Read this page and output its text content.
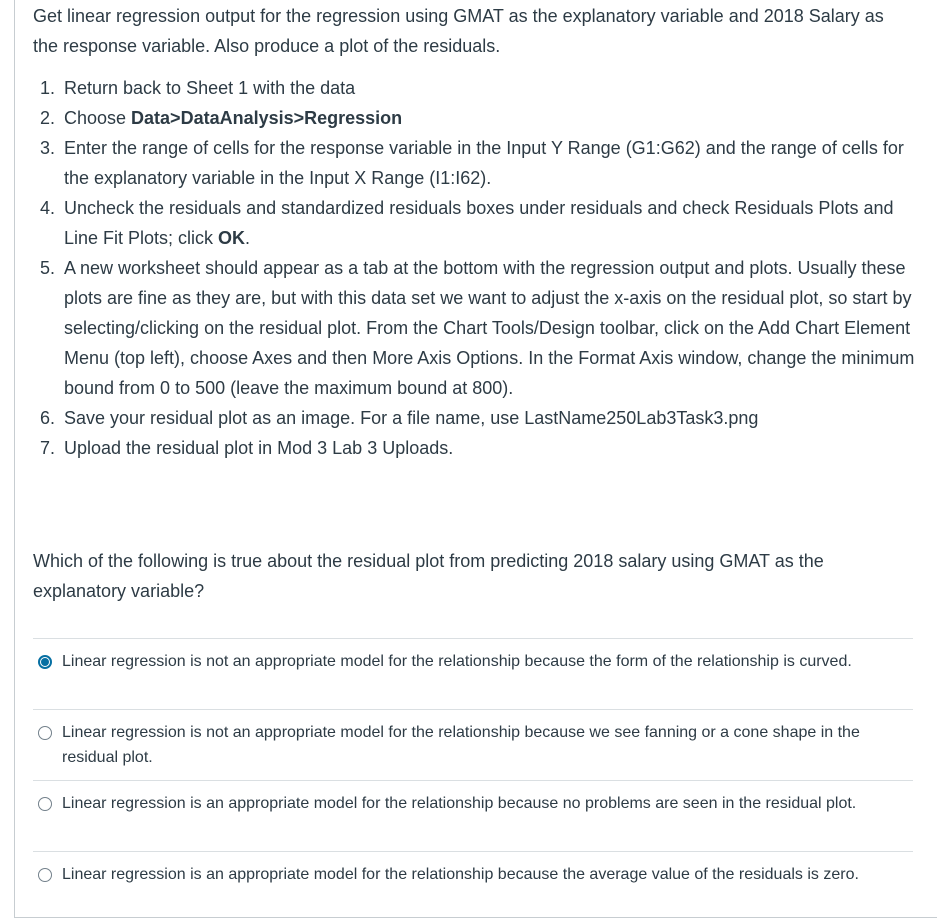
Get linear regression output for the regression using GMAT as the explanatory variable and 2018 Salary as the response variable. Also produce a plot of the residuals.

1. Return back to Sheet 1 with the data
2. Choose Data>DataAnalysis>Regression
3. Enter the range of cells for the response variable in the Input Y Range (G1:G62) and the range of cells for the explanatory variable in the Input X Range (I1:I62).
4. Uncheck the residuals and standardized residuals boxes under residuals and check Residuals Plots and Line Fit Plots; click OK.
5. A new worksheet should appear as a tab at the bottom with the regression output and plots. Usually these plots are fine as they are, but with this data set we want to adjust the x-axis on the residual plot, so start by selecting/clicking on the residual plot. From the Chart Tools/Design toolbar, click on the Add Chart Element Menu (top left), choose Axes and then More Axis Options. In the Format Axis window, change the minimum bound from 0 to 500 (leave the maximum bound at 800).
6. Save your residual plot as an image. For a file name, use LastName250Lab3Task3.png
7. Upload the residual plot in Mod 3 Lab 3 Uploads.

Which of the following is true about the residual plot from predicting 2018 salary using GMAT as the explanatory variable?

Linear regression is not an appropriate model for the relationship because the form of the relationship is curved.
Linear regression is not an appropriate model for the relationship because we see fanning or a cone shape in the residual plot.
Linear regression is an appropriate model for the relationship because no problems are seen in the residual plot.
Linear regression is an appropriate model for the relationship because the average value of the residuals is zero.
